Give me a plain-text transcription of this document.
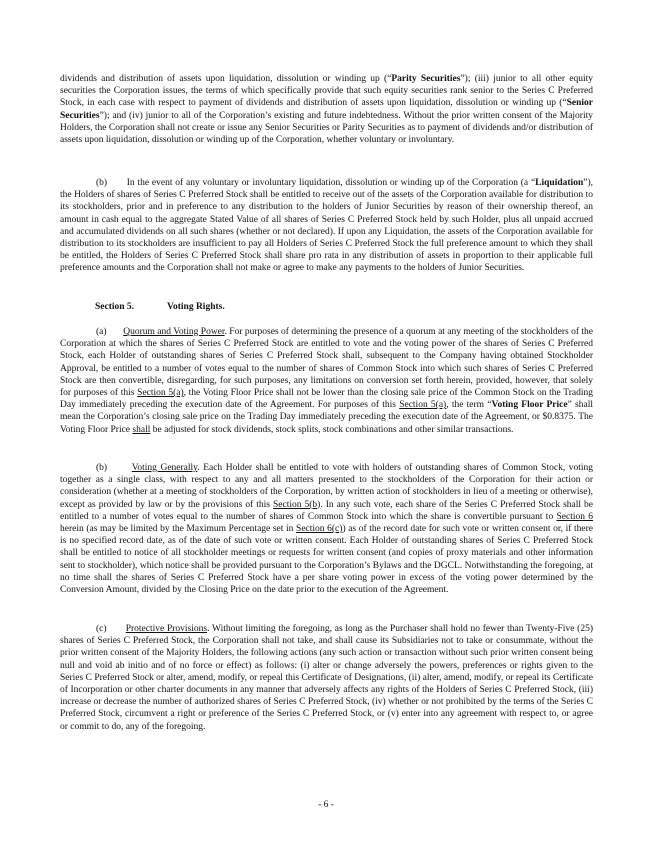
dividends and distribution of assets upon liquidation, dissolution or winding up (“Parity Securities”); (iii) junior to all other equity securities the Corporation issues, the terms of which specifically provide that such equity securities rank senior to the Series C Preferred Stock, in each case with respect to payment of dividends and distribution of assets upon liquidation, dissolution or winding up (“Senior Securities”); and (iv) junior to all of the Corporation’s existing and future indebtedness. Without the prior written consent of the Majority Holders, the Corporation shall not create or issue any Senior Securities or Parity Securities as to payment of dividends and/or distribution of assets upon liquidation, dissolution or winding up of the Corporation, whether voluntary or involuntary.

(b)       In the event of any voluntary or involuntary liquidation, dissolution or winding up of the Corporation (a “Liquidation”), the Holders of shares of Series C Preferred Stock shall be entitled to receive out of the assets of the Corporation available for distribution to its stockholders, prior and in preference to any distribution to the holders of Junior Securities by reason of their ownership thereof, an amount in cash equal to the aggregate Stated Value of all shares of Series C Preferred Stock held by such Holder, plus all unpaid accrued and accumulated dividends on all such shares (whether or not declared). If upon any Liquidation, the assets of the Corporation available for distribution to its stockholders are insufficient to pay all Holders of Series C Preferred Stock the full preference amount to which they shall be entitled, the Holders of Series C Preferred Stock shall share pro rata in any distribution of assets in proportion to their applicable full preference amounts and the Corporation shall not make or agree to make any payments to the holders of Junior Securities.

Section 5.	Voting Rights.

(a)       Quorum and Voting Power. For purposes of determining the presence of a quorum at any meeting of the stockholders of the Corporation at which the shares of Series C Preferred Stock are entitled to vote and the voting power of the shares of Series C Preferred Stock, each Holder of outstanding shares of Series C Preferred Stock shall, subsequent to the Company having obtained Stockholder Approval, be entitled to a number of votes equal to the number of shares of Common Stock into which such shares of Series C Preferred Stock are then convertible, disregarding, for such purposes, any limitations on conversion set forth herein, provided, however, that solely for purposes of this Section 5(a), the Voting Floor Price shall not be lower than the closing sale price of the Common Stock on the Trading Day immediately preceding the execution date of the Agreement. For purposes of this Section 5(a), the term “Voting Floor Price” shall mean the Corporation’s closing sale price on the Trading Day immediately preceding the execution date of the Agreement, or $0.8375. The Voting Floor Price shall be adjusted for stock dividends, stock splits, stock combinations and other similar transactions.

(b)       Voting Generally. Each Holder shall be entitled to vote with holders of outstanding shares of Common Stock, voting together as a single class, with respect to any and all matters presented to the stockholders of the Corporation for their action or consideration (whether at a meeting of stockholders of the Corporation, by written action of stockholders in lieu of a meeting or otherwise), except as provided by law or by the provisions of this Section 5(b). In any such vote, each share of the Series C Preferred Stock shall be entitled to a number of votes equal to the number of shares of Common Stock into which the share is convertible pursuant to Section 6 herein (as may be limited by the Maximum Percentage set in Section 6(c)) as of the record date for such vote or written consent or, if there is no specified record date, as of the date of such vote or written consent. Each Holder of outstanding shares of Series C Preferred Stock shall be entitled to notice of all stockholder meetings or requests for written consent (and copies of proxy materials and other information sent to stockholder), which notice shall be provided pursuant to the Corporation’s Bylaws and the DGCL. Notwithstanding the foregoing, at no time shall the shares of Series C Preferred Stock have a per share voting power in excess of the voting power determined by the Conversion Amount, divided by the Closing Price on the date prior to the execution of the Agreement.

(c)       Protective Provisions. Without limiting the foregoing, as long as the Purchaser shall hold no fewer than Twenty-Five (25) shares of Series C Preferred Stock, the Corporation shall not take, and shall cause its Subsidiaries not to take or consummate, without the prior written consent of the Majority Holders, the following actions (any such action or transaction without such prior written consent being null and void ab initio and of no force or effect) as follows: (i) alter or change adversely the powers, preferences or rights given to the Series C Preferred Stock or alter, amend, modify, or repeal this Certificate of Designations, (ii) alter, amend, modify, or repeal its Certificate of Incorporation or other charter documents in any manner that adversely affects any rights of the Holders of Series C Preferred Stock, (iii) increase or decrease the number of authorized shares of Series C Preferred Stock, (iv) whether or not prohibited by the terms of the Series C Preferred Stock, circumvent a right or preference of the Series C Preferred Stock, or (v) enter into any agreement with respect to, or agree or commit to do, any of the foregoing.

- 6 -
